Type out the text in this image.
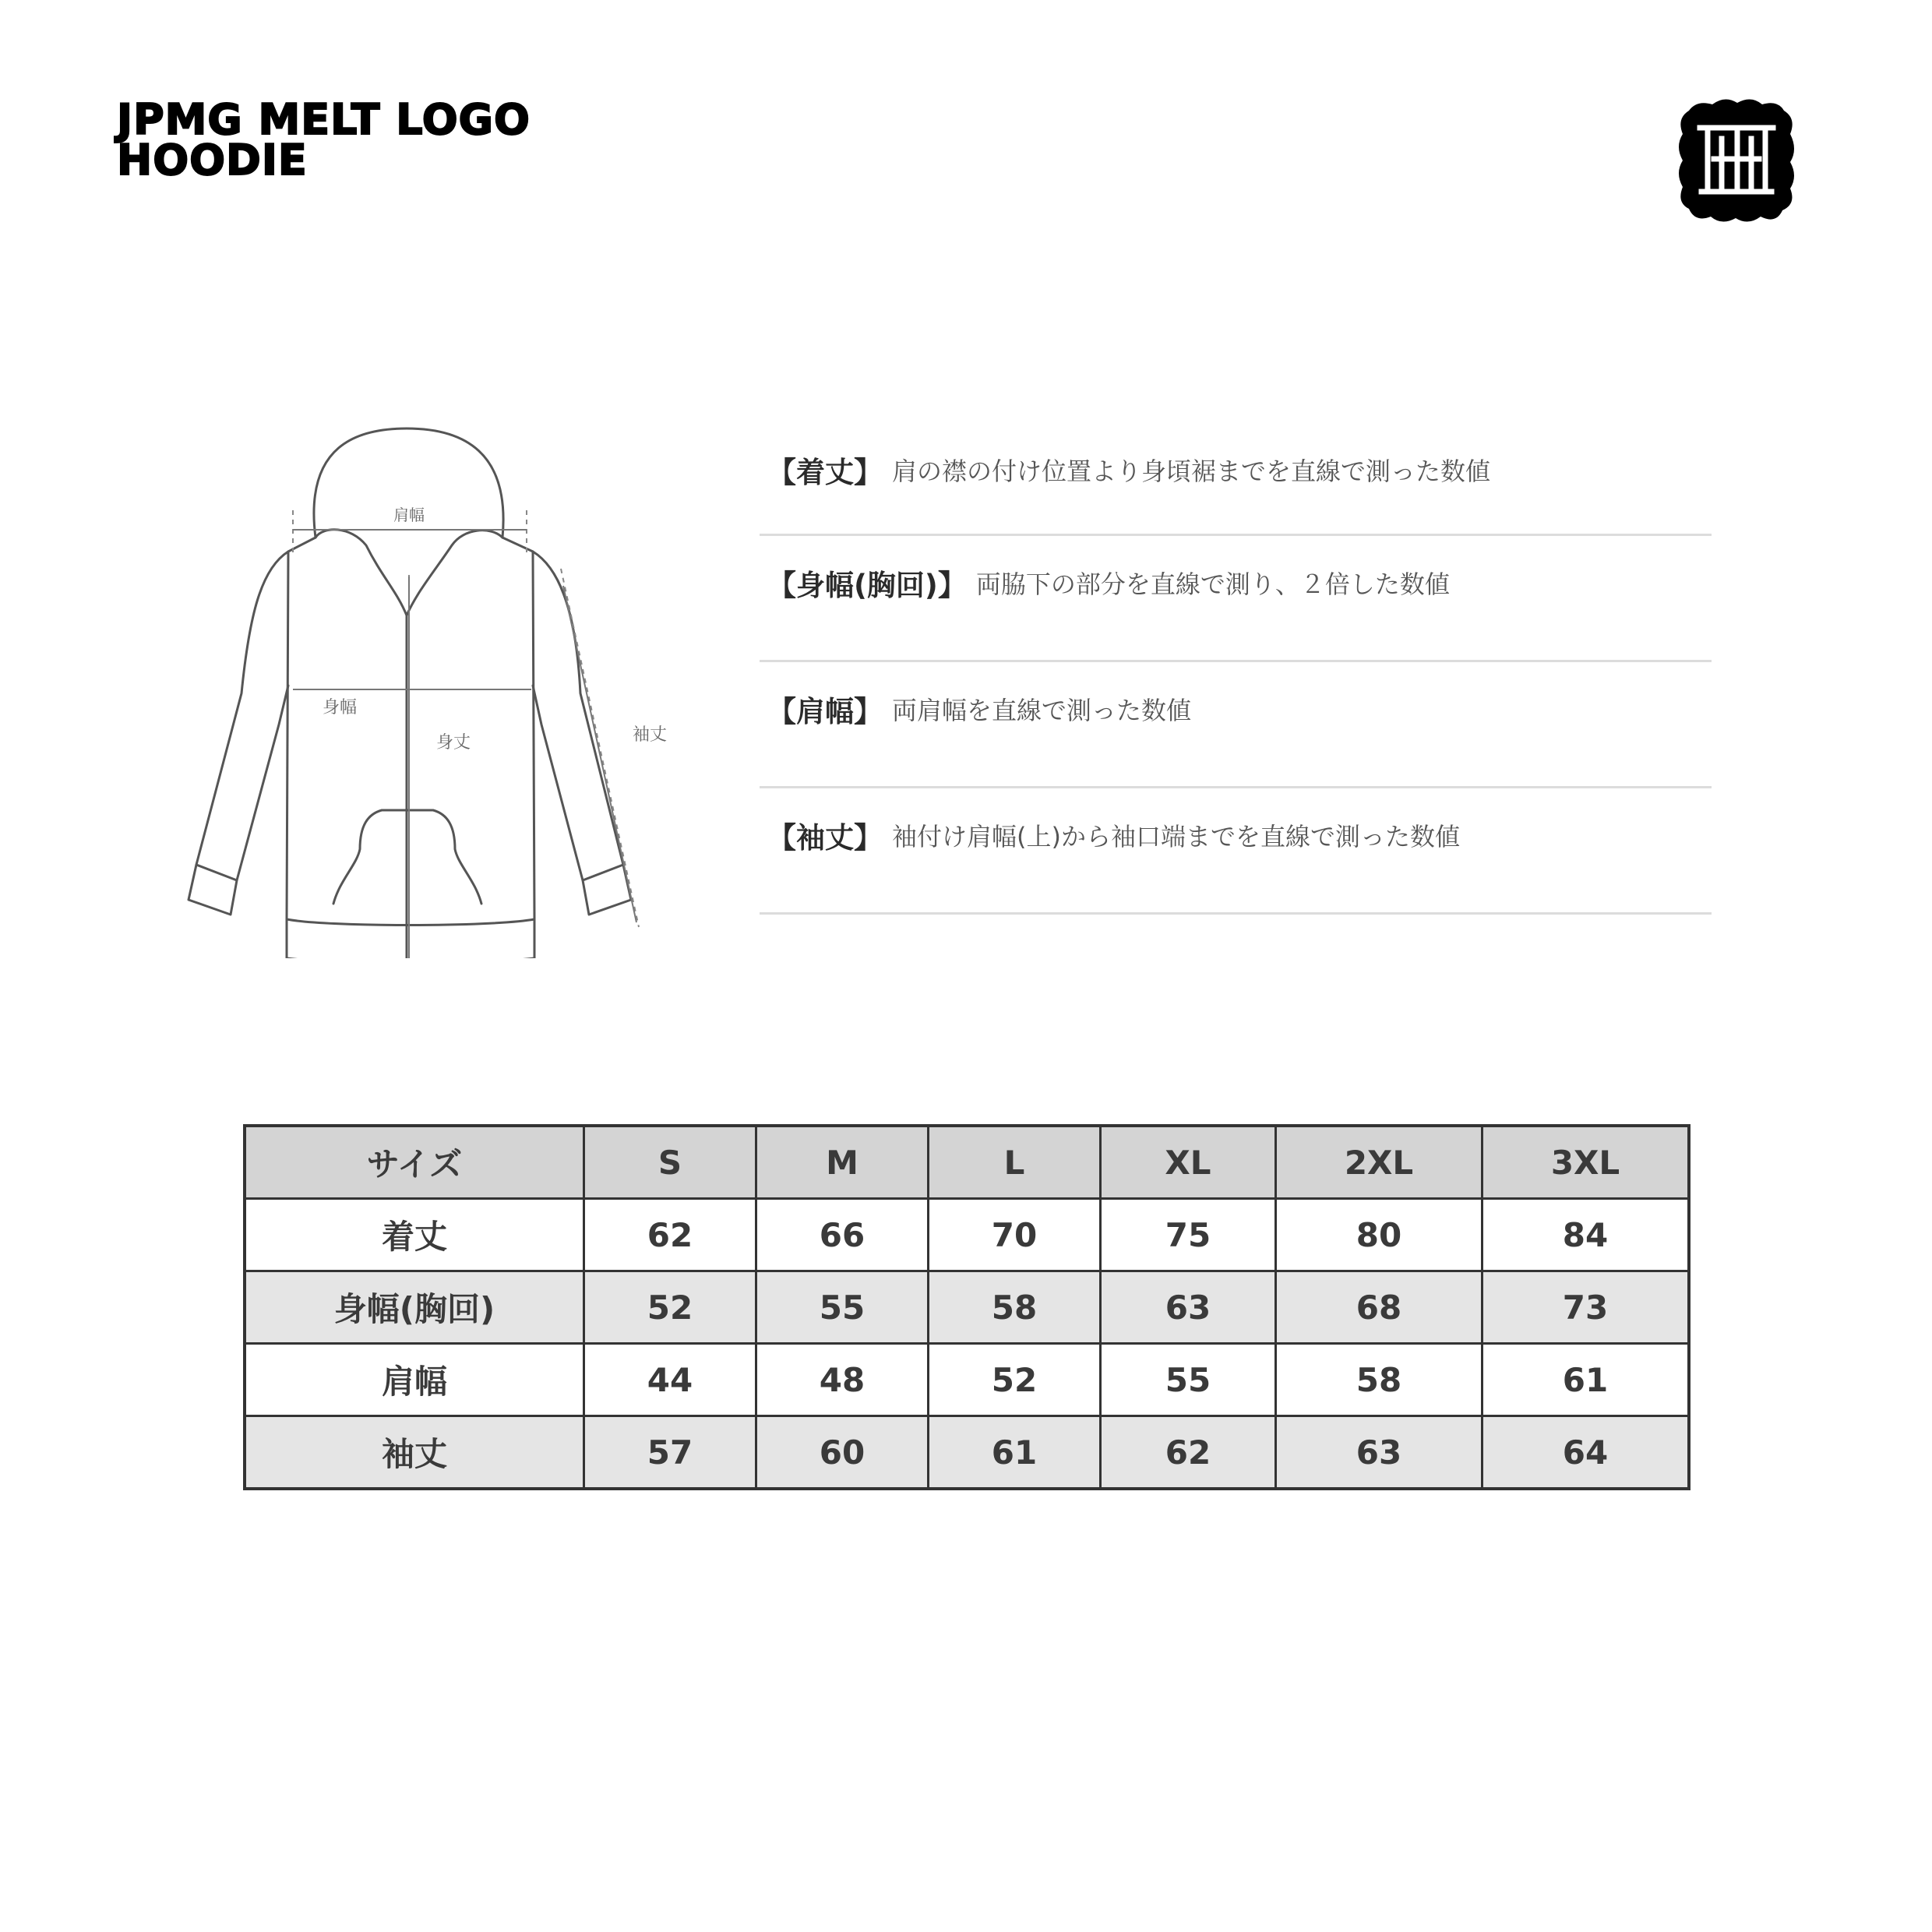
JPMG MELT LOGO
HOODIE
肩幅
身幅
身丈	袖丈
【着丈】 肩の襟の付け位置より身頃裾までを直線で測った数値
【身幅(胸回)】 両脇下の部分を直線で測り、２倍した数値
【肩幅】 両肩幅を直線で測った数値
【袖丈】 袖付け肩幅(上)から袖口端までを直線で測った数値
サイズ	S	M	L	XL	2XL	3XL
着丈	62	66	70	75	80	84
身幅(胸回)	52	55	58	63	68	73
肩幅	44	48	52	55	58	61
袖丈	57	60	61	62	63	64
